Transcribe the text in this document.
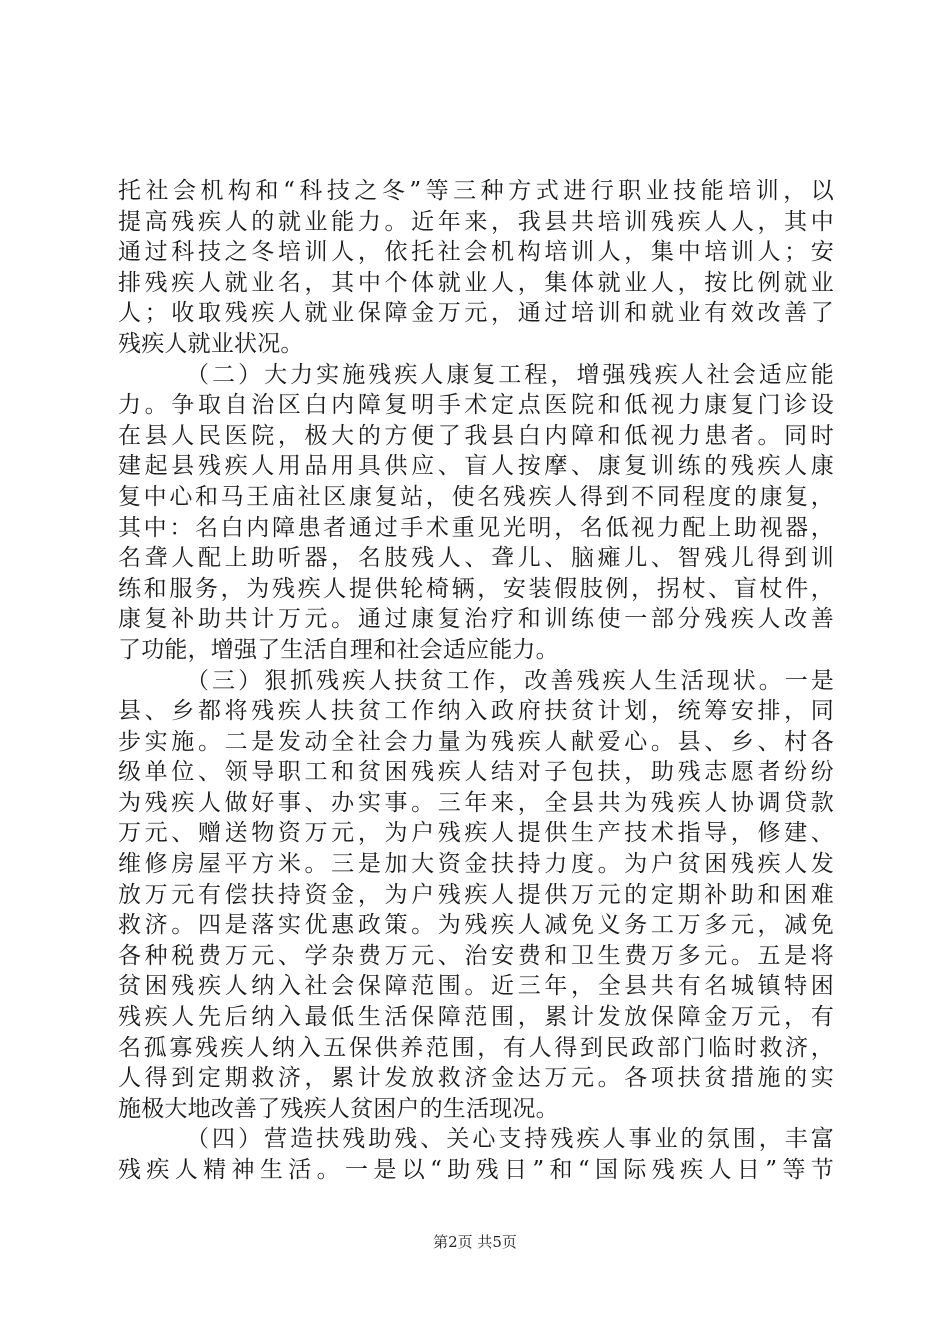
托社会机构和“科技之冬”等三种方式进行职业技能培训，以
提高残疾人的就业能力。近年来，我县共培训残疾人人，其中
通过科技之冬培训人，依托社会机构培训人，集中培训人；安
排残疾人就业名，其中个体就业人，集体就业人，按比例就业
人；收取残疾人就业保障金万元，通过培训和就业有效改善了
残疾人就业状况。
（二）大力实施残疾人康复工程，增强残疾人社会适应能
力。争取自治区白内障复明手术定点医院和低视力康复门诊设
在县人民医院，极大的方便了我县白内障和低视力患者。同时
建起县残疾人用品用具供应、盲人按摩、康复训练的残疾人康
复中心和马王庙社区康复站，使名残疾人得到不同程度的康复，
其中：名白内障患者通过手术重见光明，名低视力配上助视器，
名聋人配上助听器，名肢残人、聋儿、脑瘫儿、智残儿得到训
练和服务，为残疾人提供轮椅辆，安装假肢例，拐杖、盲杖件，
康复补助共计万元。通过康复治疗和训练使一部分残疾人改善
了功能，增强了生活自理和社会适应能力。
（三）狠抓残疾人扶贫工作，改善残疾人生活现状。一是
县、乡都将残疾人扶贫工作纳入政府扶贫计划，统筹安排，同
步实施。二是发动全社会力量为残疾人献爱心。县、乡、村各
级单位、领导职工和贫困残疾人结对子包扶，助残志愿者纷纷
为残疾人做好事、办实事。三年来，全县共为残疾人协调贷款
万元、赠送物资万元，为户残疾人提供生产技术指导，修建、
维修房屋平方米。三是加大资金扶持力度。为户贫困残疾人发
放万元有偿扶持资金，为户残疾人提供万元的定期补助和困难
救济。四是落实优惠政策。为残疾人减免义务工万多元，减免
各种税费万元、学杂费万元、治安费和卫生费万多元。五是将
贫困残疾人纳入社会保障范围。近三年，全县共有名城镇特困
残疾人先后纳入最低生活保障范围，累计发放保障金万元，有
名孤寡残疾人纳入五保供养范围，有人得到民政部门临时救济，
人得到定期救济，累计发放救济金达万元。各项扶贫措施的实
施极大地改善了残疾人贫困户的生活现况。
（四）营造扶残助残、关心支持残疾人事业的氛围，丰富
残疾人精神生活。一是以“助残日”和“国际残疾人日”等节
第2页 共5页
